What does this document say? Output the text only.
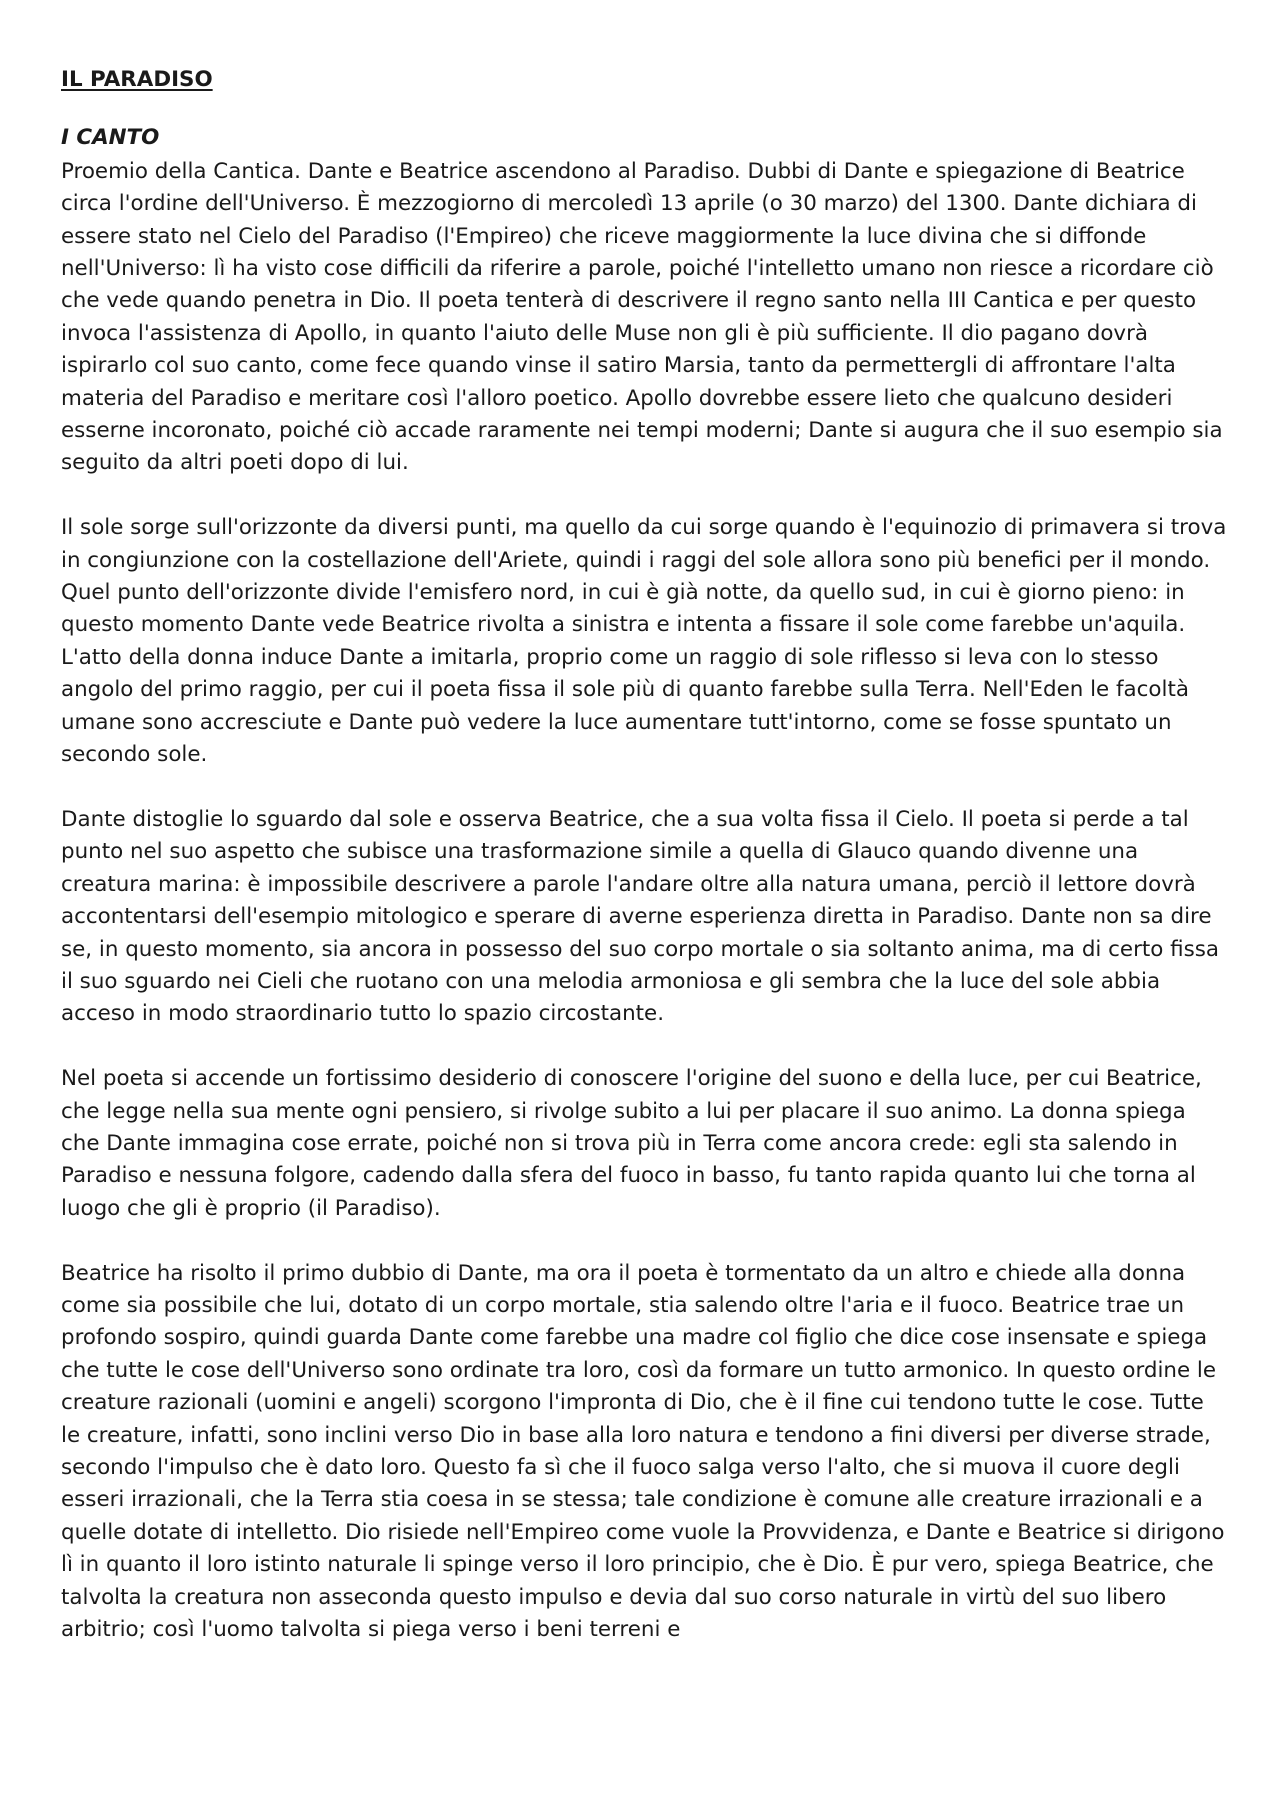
IL PARADISO
I CANTO

Proemio della Cantica. Dante e Beatrice ascendono al Paradiso. Dubbi di Dante e spiegazione di Beatrice circa l'ordine dell'Universo. È mezzogiorno di mercoledì 13 aprile (o 30 marzo) del 1300. Dante dichiara di essere stato nel Cielo del Paradiso (l'Empireo) che riceve maggiormente la luce divina che si diffonde nell'Universo: lì ha visto cose difficili da riferire a parole, poiché l'intelletto umano non riesce a ricordare ciò che vede quando penetra in Dio. Il poeta tenterà di descrivere il regno santo nella III Cantica e per questo invoca l'assistenza di Apollo, in quanto l'aiuto delle Muse non gli è più sufficiente. Il dio pagano dovrà ispirarlo col suo canto, come fece quando vinse il satiro Marsia, tanto da permettergli di affrontare l'alta materia del Paradiso e meritare così l'alloro poetico. Apollo dovrebbe essere lieto che qualcuno desideri esserne incoronato, poiché ciò accade raramente nei tempi moderni; Dante si augura che il suo esempio sia seguito da altri poeti dopo di lui.

Il sole sorge sull'orizzonte da diversi punti, ma quello da cui sorge quando è l'equinozio di primavera si trova in congiunzione con la costellazione dell'Ariete, quindi i raggi del sole allora sono più benefici per il mondo. Quel punto dell'orizzonte divide l'emisfero nord, in cui è già notte, da quello sud, in cui è giorno pieno: in questo momento Dante vede Beatrice rivolta a sinistra e intenta a fissare il sole come farebbe un'aquila. L'atto della donna induce Dante a imitarla, proprio come un raggio di sole riflesso si leva con lo stesso angolo del primo raggio, per cui il poeta fissa il sole più di quanto farebbe sulla Terra. Nell'Eden le facoltà umane sono accresciute e Dante può vedere la luce aumentare tutt'intorno, come se fosse spuntato un secondo sole.

Dante distoglie lo sguardo dal sole e osserva Beatrice, che a sua volta fissa il Cielo. Il poeta si perde a tal punto nel suo aspetto che subisce una trasformazione simile a quella di Glauco quando divenne una creatura marina: è impossibile descrivere a parole l'andare oltre alla natura umana, perciò il lettore dovrà accontentarsi dell'esempio mitologico e sperare di averne esperienza diretta in Paradiso. Dante non sa dire se, in questo momento, sia ancora in possesso del suo corpo mortale o sia soltanto anima, ma di certo fissa il suo sguardo nei Cieli che ruotano con una melodia armoniosa e gli sembra che la luce del sole abbia acceso in modo straordinario tutto lo spazio circostante.

Nel poeta si accende un fortissimo desiderio di conoscere l'origine del suono e della luce, per cui Beatrice, che legge nella sua mente ogni pensiero, si rivolge subito a lui per placare il suo animo. La donna spiega che Dante immagina cose errate, poiché non si trova più in Terra come ancora crede: egli sta salendo in Paradiso e nessuna folgore, cadendo dalla sfera del fuoco in basso, fu tanto rapida quanto lui che torna al luogo che gli è proprio (il Paradiso).

Beatrice ha risolto il primo dubbio di Dante, ma ora il poeta è tormentato da un altro e chiede alla donna come sia possibile che lui, dotato di un corpo mortale, stia salendo oltre l'aria e il fuoco. Beatrice trae un profondo sospiro, quindi guarda Dante come farebbe una madre col figlio che dice cose insensate e spiega che tutte le cose dell'Universo sono ordinate tra loro, così da formare un tutto armonico. In questo ordine le creature razionali (uomini e angeli) scorgono l'impronta di Dio, che è il fine cui tendono tutte le cose. Tutte le creature, infatti, sono inclini verso Dio in base alla loro natura e tendono a fini diversi per diverse strade, secondo l'impulso che è dato loro. Questo fa sì che il fuoco salga verso l'alto, che si muova il cuore degli esseri irrazionali, che la Terra stia coesa in se stessa; tale condizione è comune alle creature irrazionali e a quelle dotate di intelletto. Dio risiede nell'Empireo come vuole la Provvidenza, e Dante e Beatrice si dirigono lì in quanto il loro istinto naturale li spinge verso il loro principio, che è Dio. È pur vero, spiega Beatrice, che talvolta la creatura non asseconda questo impulso e devia dal suo corso naturale in virtù del suo libero arbitrio; così l'uomo talvolta si piega verso i beni terreni e
